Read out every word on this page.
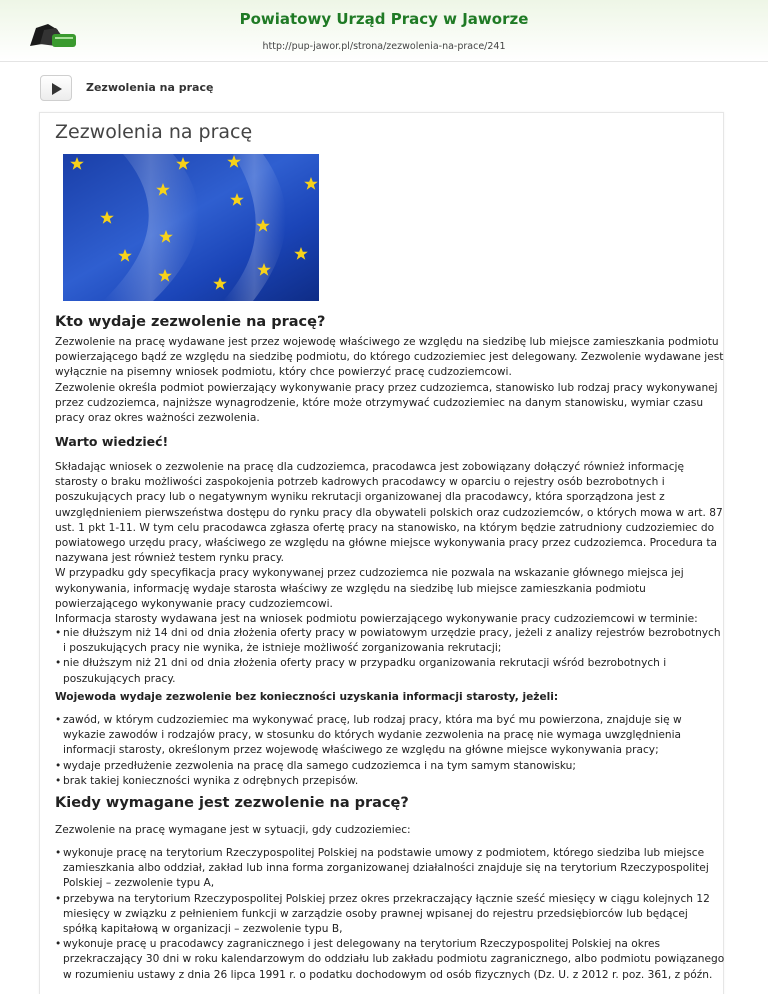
Powiatowy Urząd Pracy w Jaworze
http://pup-jawor.pl/strona/zezwolenia-na-prace/241
Zezwolenia na pracę
Zezwolenia na pracę
Kto wydaje zezwolenie na pracę?

Zezwolenie na pracę wydawane jest przez wojewodę właściwego ze względu na siedzibę lub miejsce zamieszkania podmiotu powierzającego bądź ze względu na siedzibę podmiotu, do którego cudzoziemiec jest delegowany. Zezwolenie wydawane jest wyłącznie na pisemny wniosek podmiotu, który chce powierzyć pracę cudzoziemcowi.

Zezwolenie określa podmiot powierzający wykonywanie pracy przez cudzoziemca, stanowisko lub rodzaj pracy wykonywanej przez cudzoziemca, najniższe wynagrodzenie, które może otrzymywać cudzoziemiec na danym stanowisku, wymiar czasu pracy oraz okres ważności zezwolenia.

Warto wiedzieć!

Składając wniosek o zezwolenie na pracę dla cudzoziemca, pracodawca jest zobowiązany dołączyć również informację starosty o braku możliwości zaspokojenia potrzeb kadrowych pracodawcy w oparciu o rejestry osób bezrobotnych i poszukujących pracy lub o negatywnym wyniku rekrutacji organizowanej dla pracodawcy, która sporządzona jest z uwzględnieniem pierwszeństwa dostępu do rynku pracy dla obywateli polskich oraz cudzoziemców, o których mowa w art. 87 ust. 1 pkt 1-11. W tym celu pracodawca zgłasza ofertę pracy na stanowisko, na którym będzie zatrudniony cudzoziemiec do powiatowego urzędu pracy, właściwego ze względu na główne miejsce wykonywania pracy przez cudzoziemca. Procedura ta nazywana jest również testem rynku pracy.

W przypadku gdy specyfikacja pracy wykonywanej przez cudzoziemca nie pozwala na wskazanie głównego miejsca jej wykonywania, informację wydaje starosta właściwy ze względu na siedzibę lub miejsce zamieszkania podmiotu powierzającego wykonywanie pracy cudzoziemcowi.

Informacja starosty wydawana jest na wniosek podmiotu powierzającego wykonywanie pracy cudzoziemcowi w terminie:

• nie dłuższym niż 14 dni od dnia złożenia oferty pracy w powiatowym urzędzie pracy, jeżeli z analizy rejestrów bezrobotnych i poszukujących pracy nie wynika, że istnieje możliwość zorganizowania rekrutacji;
• nie dłuższym niż 21 dni od dnia złożenia oferty pracy w przypadku organizowania rekrutacji wśród bezrobotnych i poszukujących pracy.
Wojewoda wydaje zezwolenie bez konieczności uzyskania informacji starosty, jeżeli:
• zawód, w którym cudzoziemiec ma wykonywać pracę, lub rodzaj pracy, która ma być mu powierzona, znajduje się w wykazie zawodów i rodzajów pracy, w stosunku do których wydanie zezwolenia na pracę nie wymaga uwzględnienia informacji starosty, określonym przez wojewodę właściwego ze względu na główne miejsce wykonywania pracy;
• wydaje przedłużenie zezwolenia na pracę dla samego cudzoziemca i na tym samym stanowisku;
• brak takiej konieczności wynika z odrębnych przepisów.
Kiedy wymagane jest zezwolenie na pracę?

Zezwolenie na pracę wymagane jest w sytuacji, gdy cudzoziemiec:

• wykonuje pracę na terytorium Rzeczypospolitej Polskiej na podstawie umowy z podmiotem, którego siedziba lub miejsce zamieszkania albo oddział, zakład lub inna forma zorganizowanej działalności znajduje się na terytorium Rzeczypospolitej Polskiej – zezwolenie typu A,
• przebywa na terytorium Rzeczypospolitej Polskiej przez okres przekraczający łącznie sześć miesięcy w ciągu kolejnych 12 miesięcy w związku z pełnieniem funkcji w zarządzie osoby prawnej wpisanej do rejestru przedsiębiorców lub będącej spółką kapitałową w organizacji – zezwolenie typu B,
• wykonuje pracę u pracodawcy zagranicznego i jest delegowany na terytorium Rzeczypospolitej Polskiej na okres przekraczający 30 dni w roku kalendarzowym do oddziału lub zakładu podmiotu zagranicznego, albo podmiotu powiązanego w rozumieniu ustawy z dnia 26 lipca 1991 r. o podatku dochodowym od osób fizycznych (Dz. U. z 2012 r. poz. 361, z późn.
